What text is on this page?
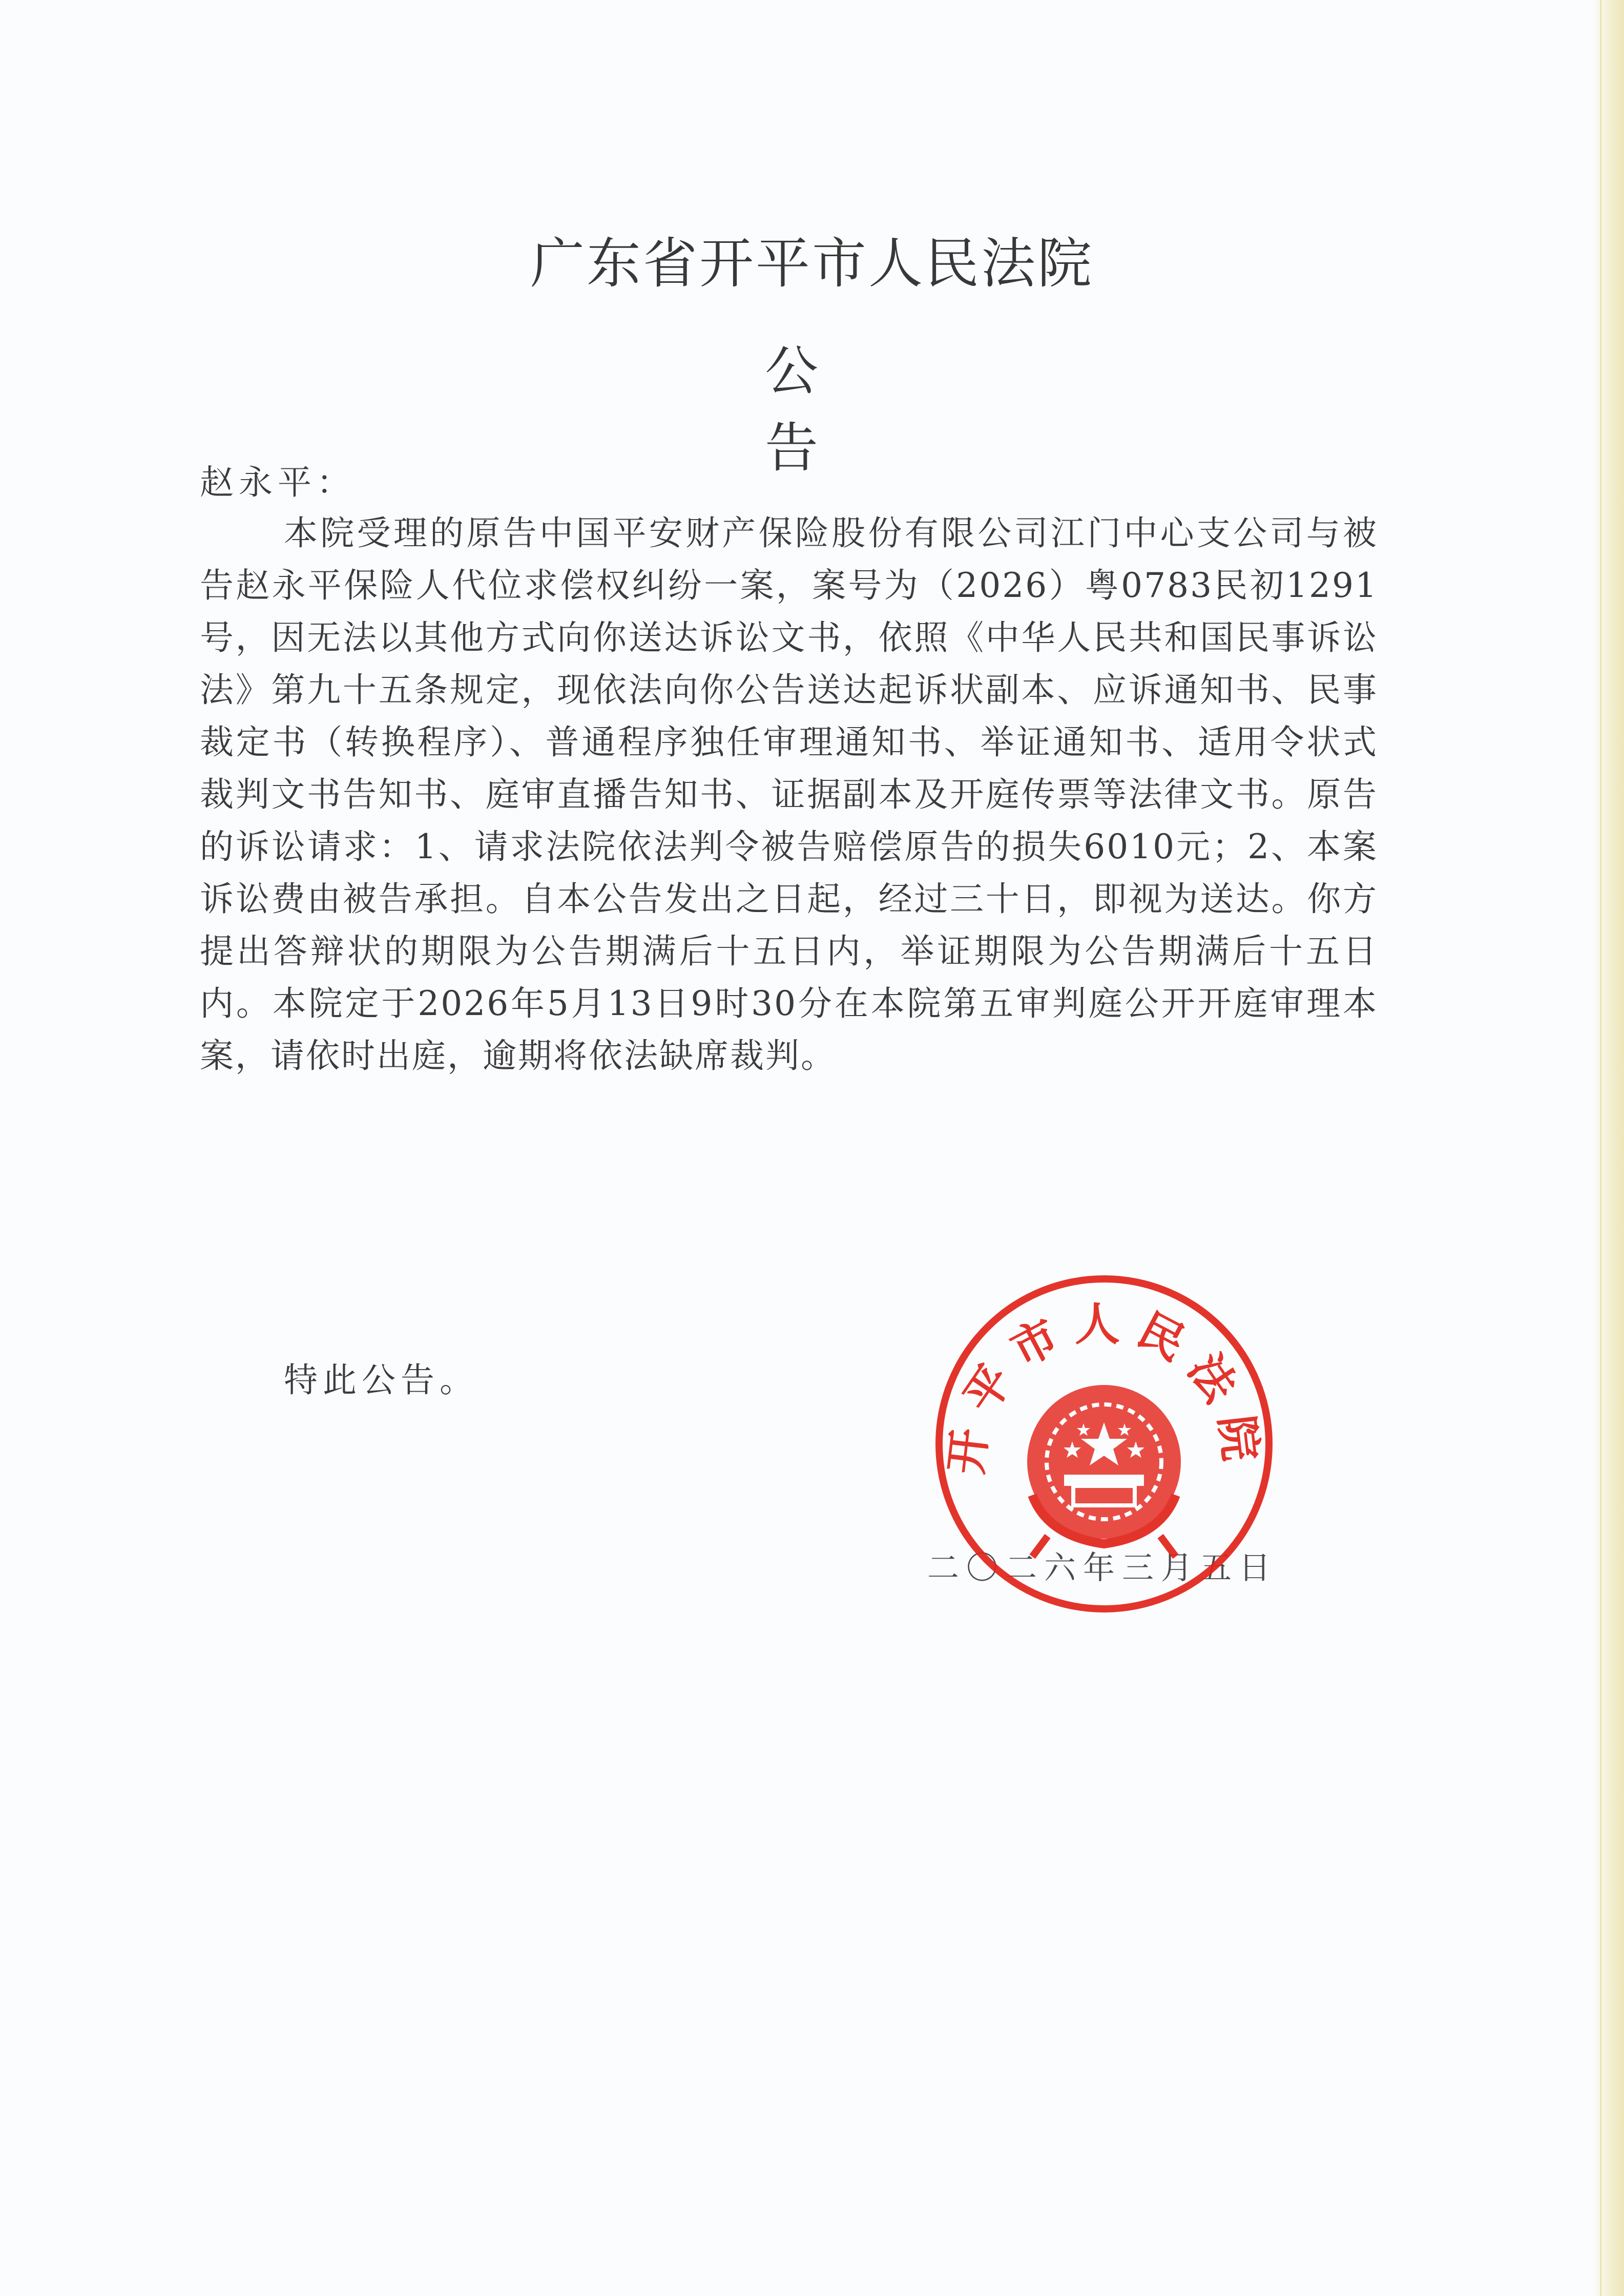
广东省开平市人民法院
公 告
赵永平：

本院受理的原告中国平安财产保险股份有限公司江门中心支公司与被告赵永平保险人代位求偿权纠纷一案，案号为（2026）粤0783民初1291号，因无法以其他方式向你送达诉讼文书，依照《中华人民共和国民事诉讼法》第九十五条规定，现依法向你公告送达起诉状副本、应诉通知书、民事裁定书（转换程序）、普通程序独任审理通知书、举证通知书、适用令状式裁判文书告知书、庭审直播告知书、证据副本及开庭传票等法律文书。原告的诉讼请求：1、请求法院依法判令被告赔偿原告的损失6010元；2、本案诉讼费由被告承担。自本公告发出之日起，经过三十日，即视为送达。你方提出答辩状的期限为公告期满后十五日内，举证期限为公告期满后十五日内。本院定于2026年5月13日9时30分在本院第五审判庭公开开庭审理本案，请依时出庭，逾期将依法缺席裁判。

特此公告。
二〇二六年三月五日
开平市人民法院
